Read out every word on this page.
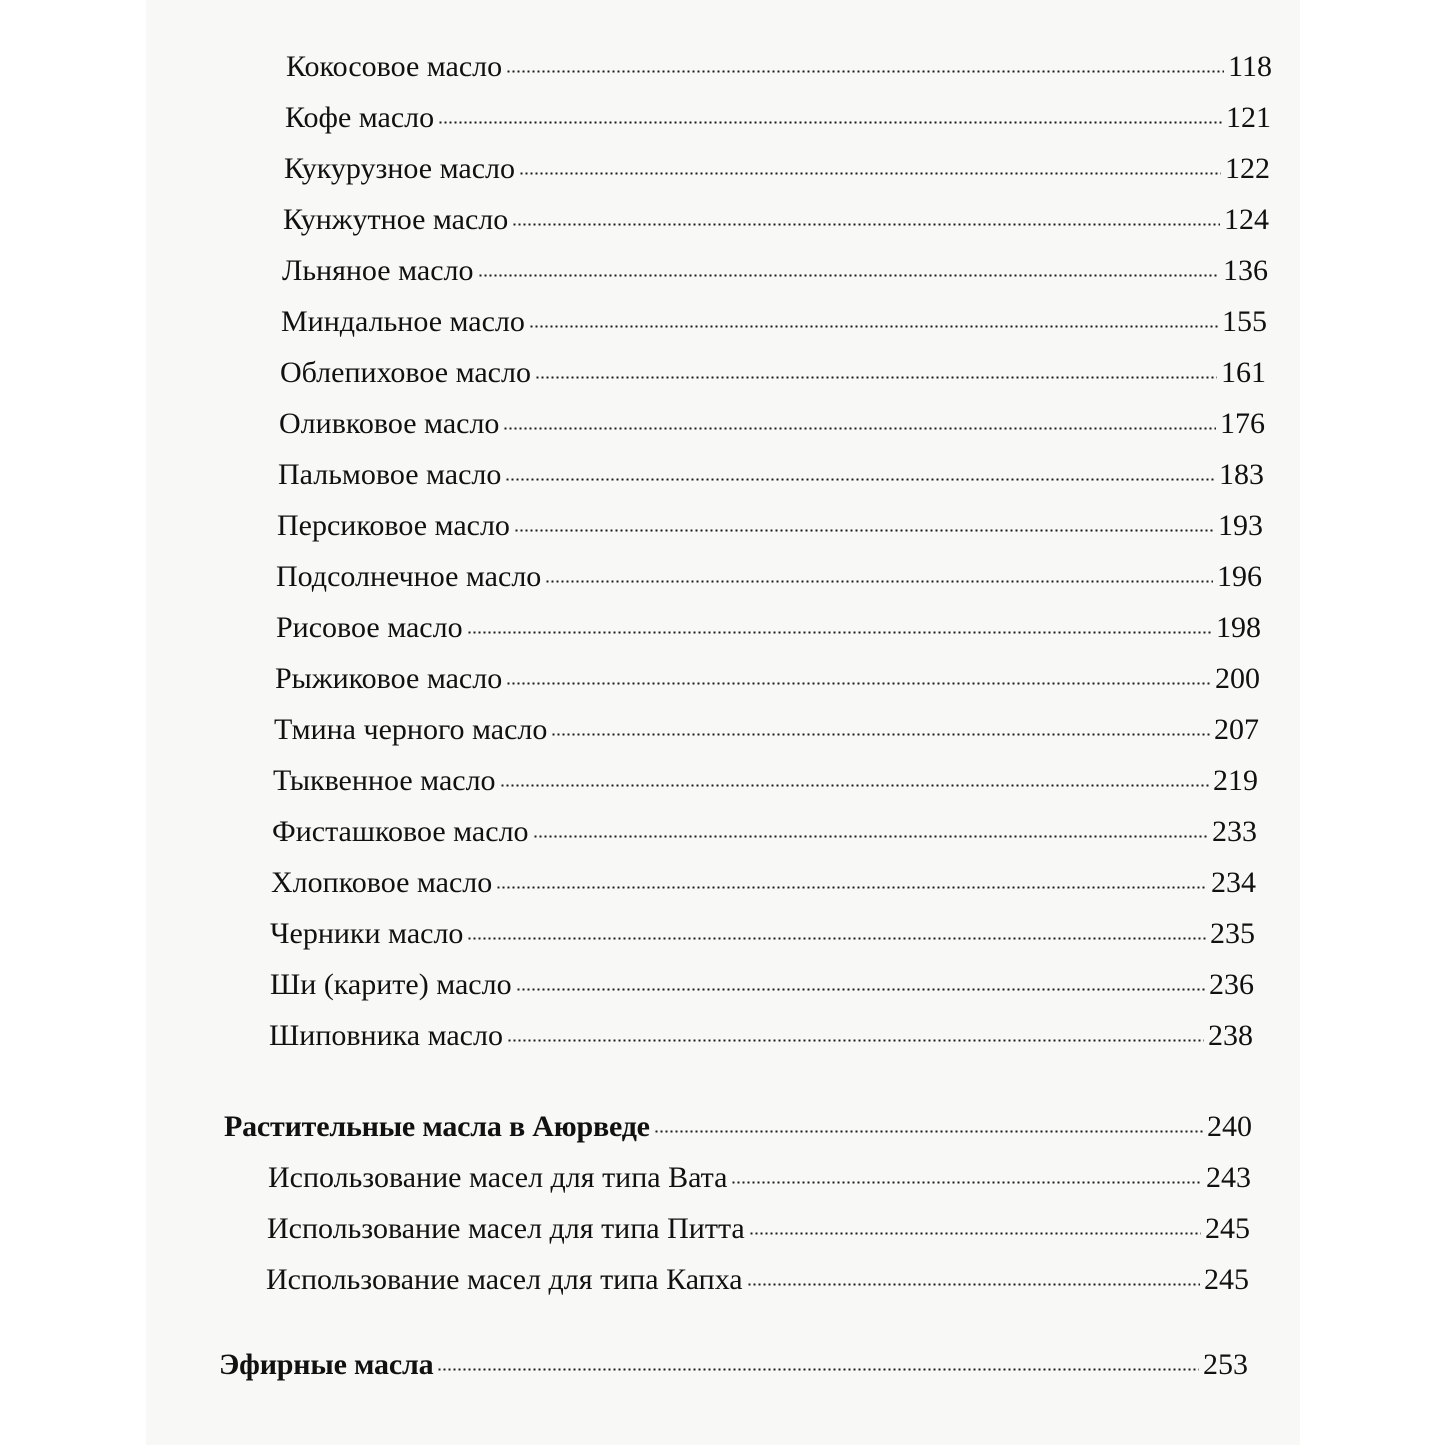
Кокосовое масло	118
Кофе масло	121
Кукурузное масло	122
Кунжутное масло	124
Льняное масло	136
Миндальное масло	155
Облепиховое масло	161
Оливковое масло	176
Пальмовое масло	183
Персиковое масло	193
Подсолнечное масло	196
Рисовое масло	198
Рыжиковое масло	200
Тмина черного масло	207
Тыквенное масло	219
Фисташковое масло	233
Хлопковое масло	234
Черники масло	235
Ши (карите) масло	236
Шиповника масло	238
Растительные масла в Аюрведе	240
Использование масел для типа Вата	243
Использование масел для типа Питта	245
Использование масел для типа Капха	245
Эфирные масла	253
